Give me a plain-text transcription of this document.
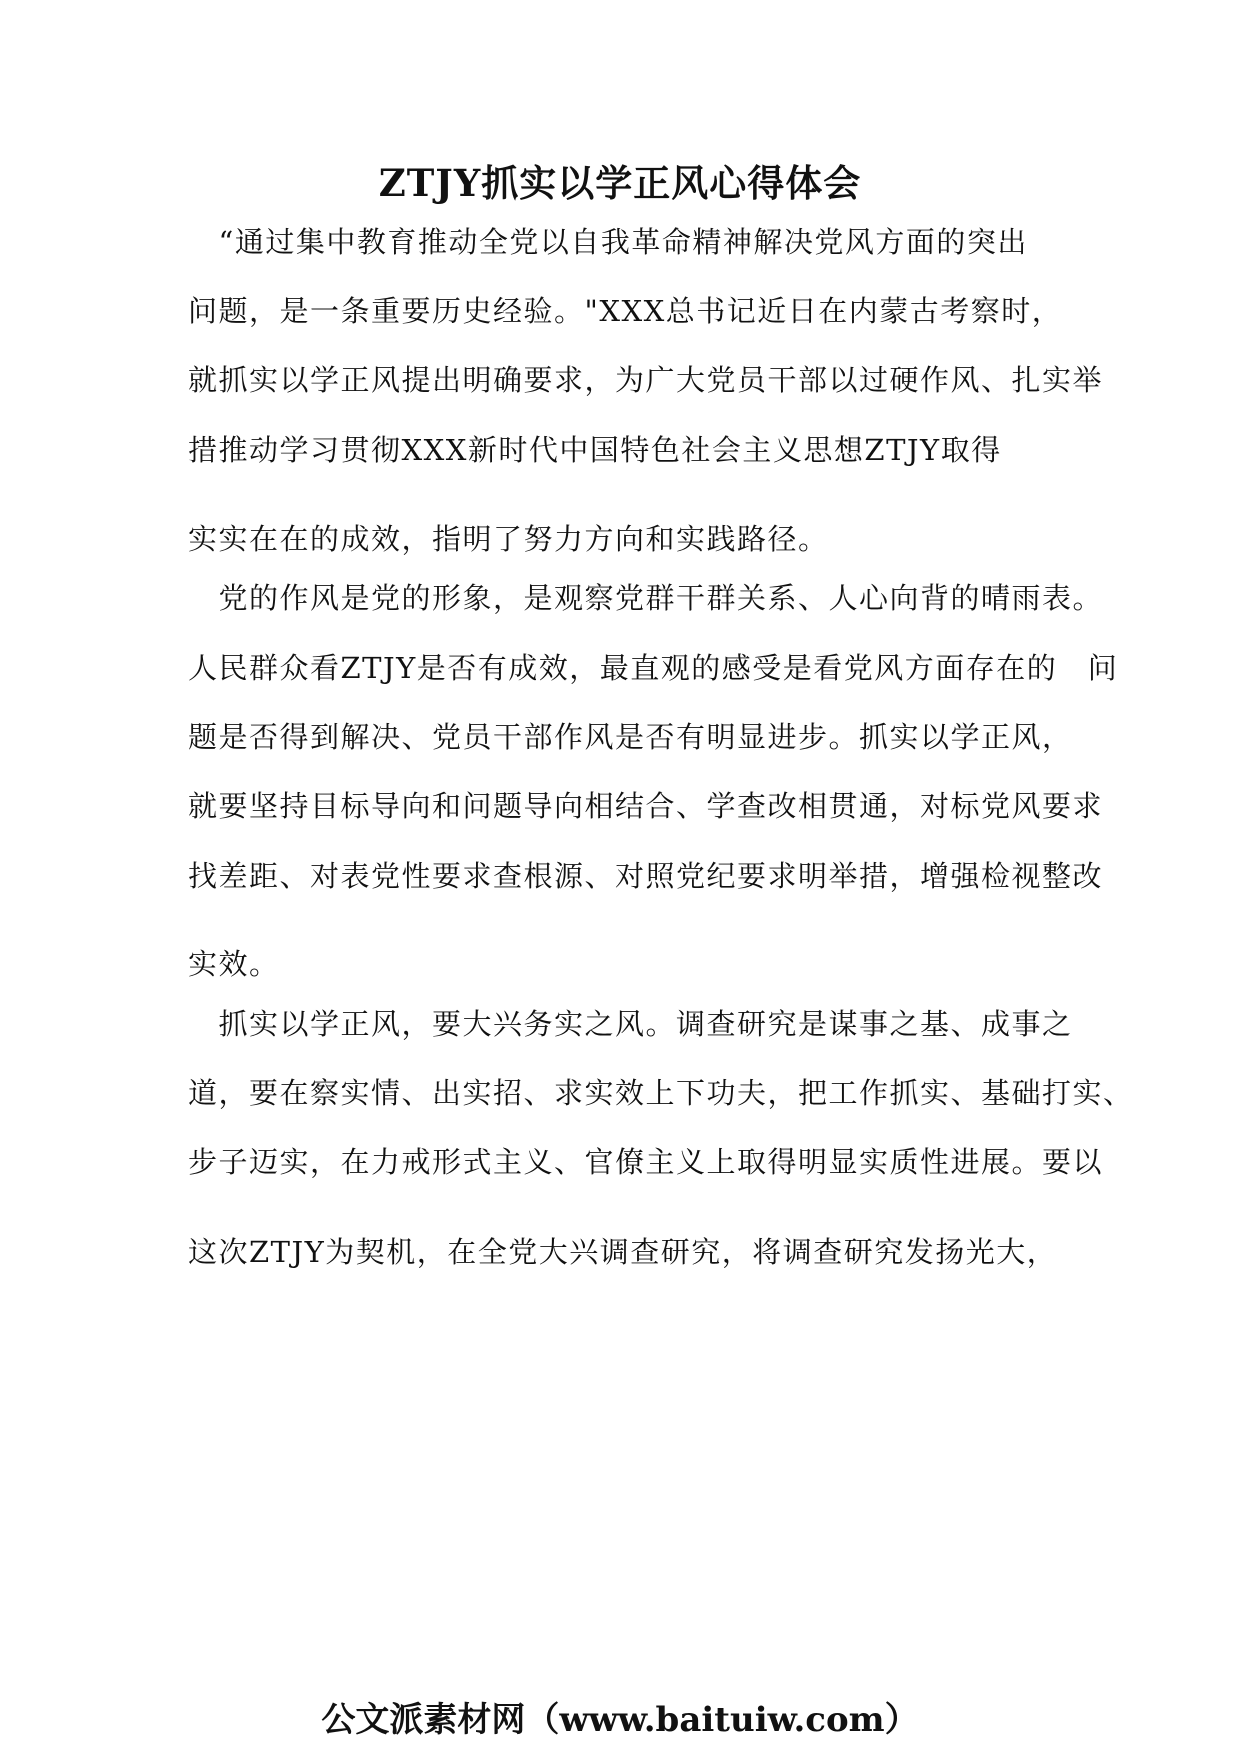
ZTJY抓实以学正风心得体会
　“通过集中教育推动全党以自我革命精神解决党风方面的突出
问题，是一条重要历史经验。"XXX总书记近日在内蒙古考察时，
就抓实以学正风提出明确要求，为广大党员干部以过硬作风、扎实举
措推动学习贯彻XXX新时代中国特色社会主义思想ZTJY取得
实实在在的成效，指明了努力方向和实践路径。
　党的作风是党的形象，是观察党群干群关系、人心向背的晴雨表。
人民群众看ZTJY是否有成效，最直观的感受是看党风方面存在的　问
题是否得到解决、党员干部作风是否有明显进步。抓实以学正风，
就要坚持目标导向和问题导向相结合、学查改相贯通，对标党风要求
找差距、对表党性要求查根源、对照党纪要求明举措，增强检视整改
实效。
　抓实以学正风，要大兴务实之风。调查研究是谋事之基、成事之
道，要在察实情、出实招、求实效上下功夫，把工作抓实、基础打实、
步子迈实，在力戒形式主义、官僚主义上取得明显实质性进展。要以
这次ZTJY为契机，在全党大兴调查研究，将调查研究发扬光大，
公文派素材网（www.baituiw.com）
